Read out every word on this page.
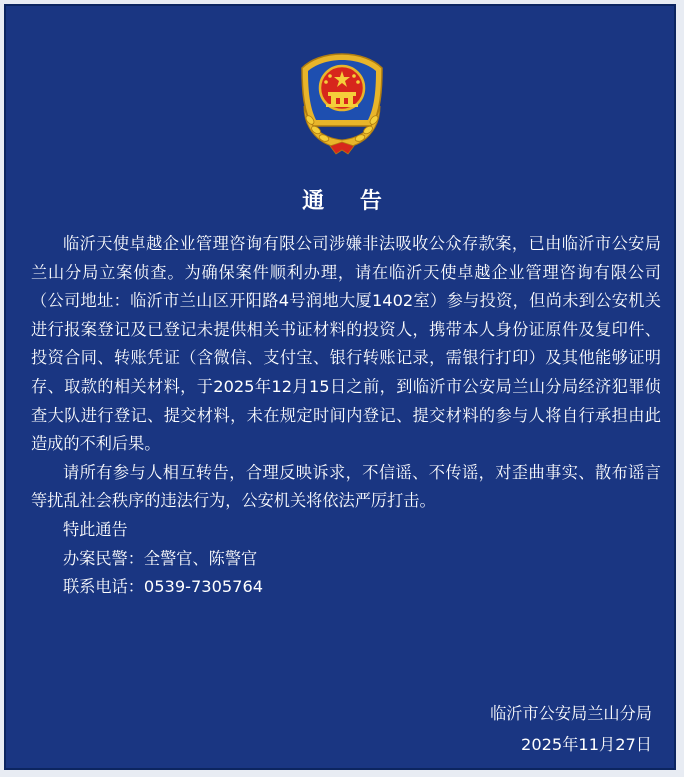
通 告

临沂天使卓越企业管理咨询有限公司涉嫌非法吸收公众存款案，已由临沂市公安局兰山分局立案侦查。为确保案件顺利办理，请在临沂天使卓越企业管理咨询有限公司（公司地址：临沂市兰山区开阳路4号润地大厦1402室）参与投资，但尚未到公安机关进行报案登记及已登记未提供相关书证材料的投资人，携带本人身份证原件及复印件、投资合同、转账凭证（含微信、支付宝、银行转账记录，需银行打印）及其他能够证明存、取款的相关材料，于2025年12月15日之前，到临沂市公安局兰山分局经济犯罪侦查大队进行登记、提交材料，未在规定时间内登记、提交材料的参与人将自行承担由此造成的不利后果。

请所有参与人相互转告，合理反映诉求，不信谣、不传谣，对歪曲事实、散布谣言等扰乱社会秩序的违法行为，公安机关将依法严厉打击。

特此通告

办案民警：全警官、陈警官

联系电话：0539-7305764

临沂市公安局兰山分局
2025年11月27日
